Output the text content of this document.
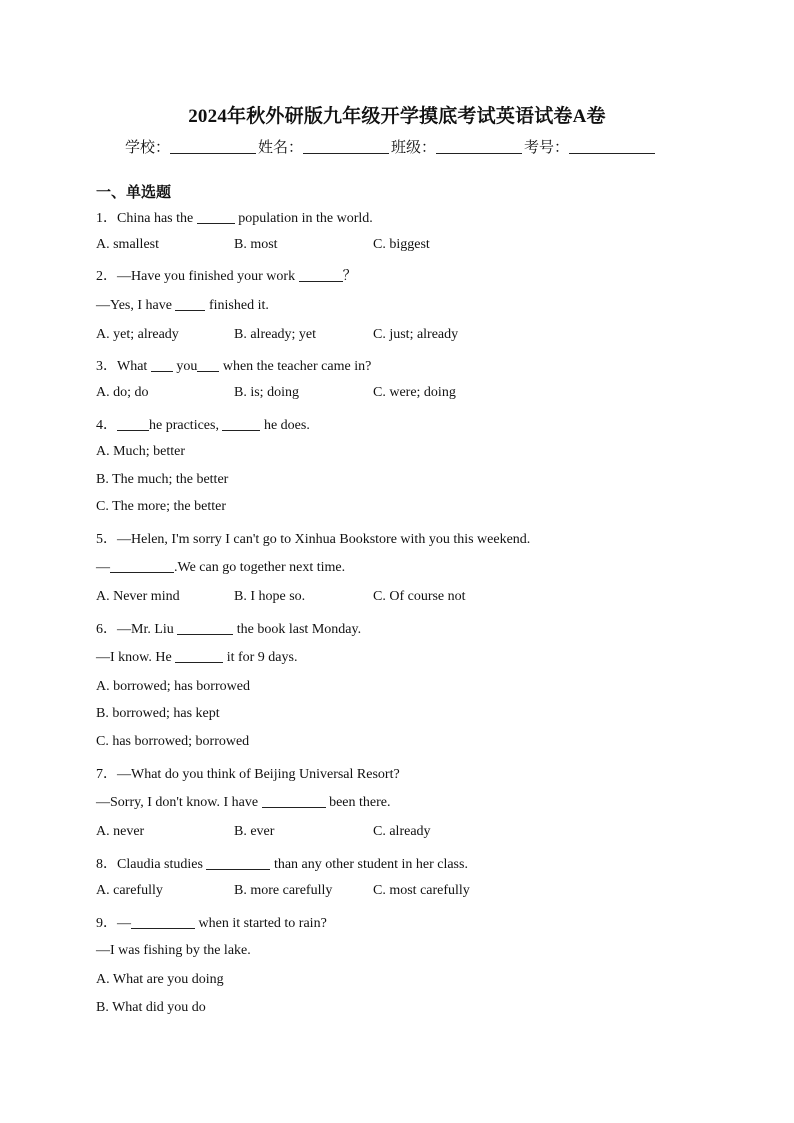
2024年秋外研版九年级开学摸底考试英语试卷A卷
学校：	姓名：	班级：	考号：
一、单选题
1．China has the	population in the world.
A. smallest	B. most	C. biggest
2．—Have you finished your work	？
—Yes, I have  finished it.
A. yet; already	B. already; yet	C. just; already
3．What  you when the teacher came in?
A. do; do	B. is; doing	C. were; doing
4． he practices,	he does.
A. Much; better
B. The much; the better
C. The more; the better
5．—Helen, I'm sorry I can't go to Xinhua Bookstore with you this weekend.
—	.We can go together next time.
A. Never mind	B. I hope so.	C. Of course not
6．—Mr. Liu	the book last Monday.
—I know. He	it for 9 days.
A. borrowed; has borrowed
B. borrowed; has kept
C. has borrowed; borrowed
7．—What do you think of Beijing Universal Resort?
—Sorry, I don't know. I have	been there.
A. never	B. ever	C. already
8．Claudia studies	than any other student in her class.
A. carefully	B. more carefully	C. most carefully
9．—	when it started to rain?
—I was fishing by the lake.
A. What are you doing
B. What did you do
